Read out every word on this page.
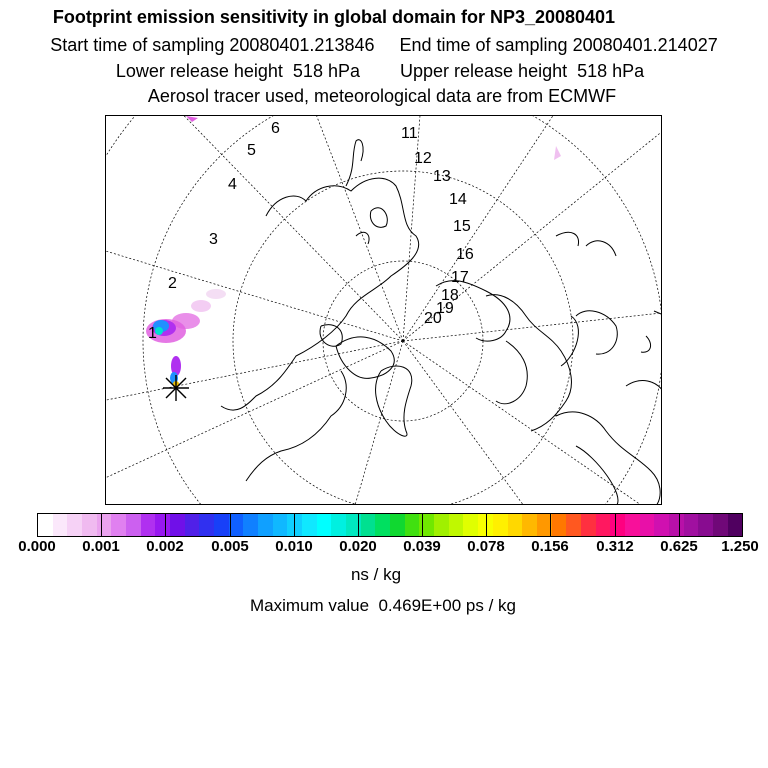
Footprint emission sensitivity in global domain for NP3_20080401
Start time of sampling 20080401.213846     End time of sampling 20080401.214027
Lower release height  518 hPa        Upper release height  518 hPa
Aerosol tracer used, meteorological data are from ECMWF
1
2
3
4
5
6	11
12
13
14
15
16
17
18
19
20
0.000 0.001 0.002 0.005 0.010 0.020 0.039 0.078 0.156 0.312 0.625 1.250
ns / kg
Maximum value  0.469E+00 ps / kg
